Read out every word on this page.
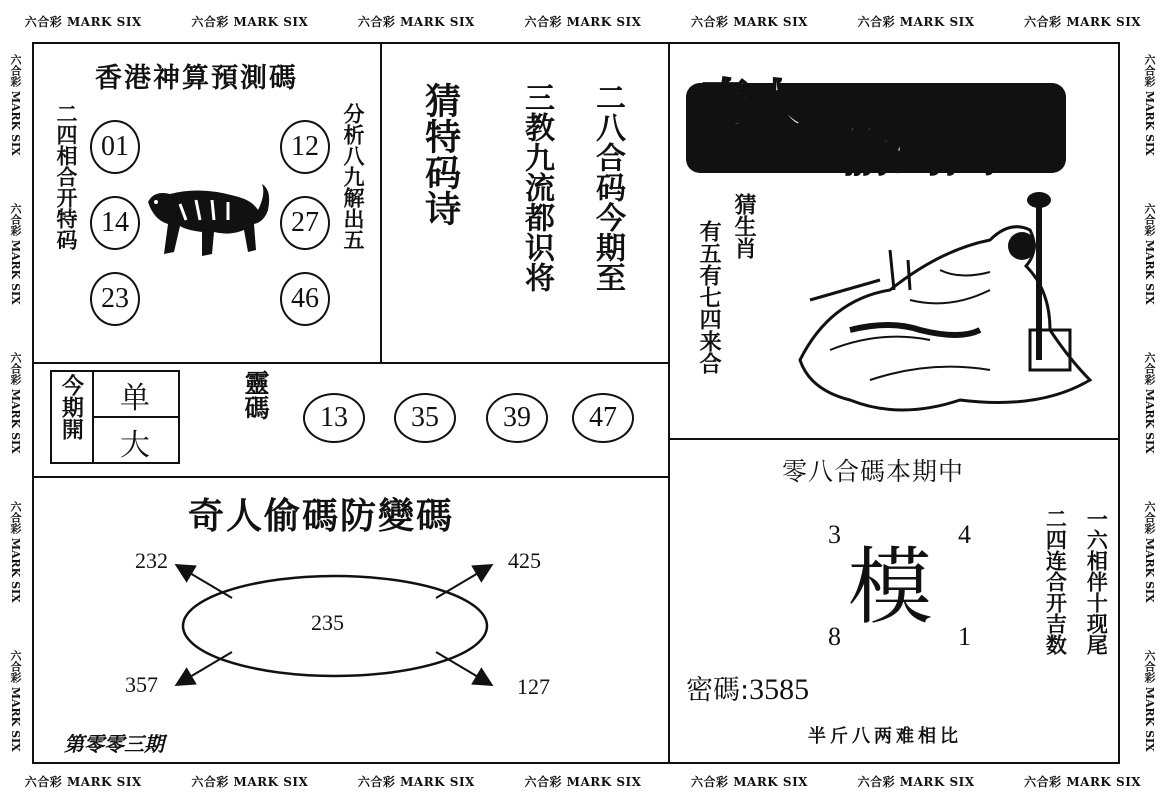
六合彩 MARK SIX	六合彩 MARK SIX	六合彩 MARK SIX	六合彩 MARK SIX	六合彩 MARK SIX	六合彩 MARK SIX	六合彩 MARK SIX
六合彩 MARK SIX	六合彩 MARK SIX	六合彩 MARK SIX	六合彩 MARK SIX	六合彩 MARK SIX	六合彩 MARK SIX	六合彩 MARK SIX
六合彩 MARK SIX
六合彩 MARK SIX
六合彩 MARK SIX
六合彩 MARK SIX
六合彩 MARK SIX
六合彩 MARK SIX
六合彩 MARK SIX
六合彩 MARK SIX
六合彩 MARK SIX
六合彩 MARK SIX
香港神算預測碼
二四相合开特码	分析八九解出五
01
14
23
12
27
46
猜特码诗 三教九流都识将 二八合码今期至 奇人
偷碼圖
猜生肖
有五有七四来合
今期開 单
大
靈碼	13	35	39	47
奇人偷碼防變碼
235
232	425
357	127
第零零三期
零八合碼本期中
模
3	4
8	1
密碼:3585
一六相伴十现尾
二四连合开吉数
半斤八两难相比
